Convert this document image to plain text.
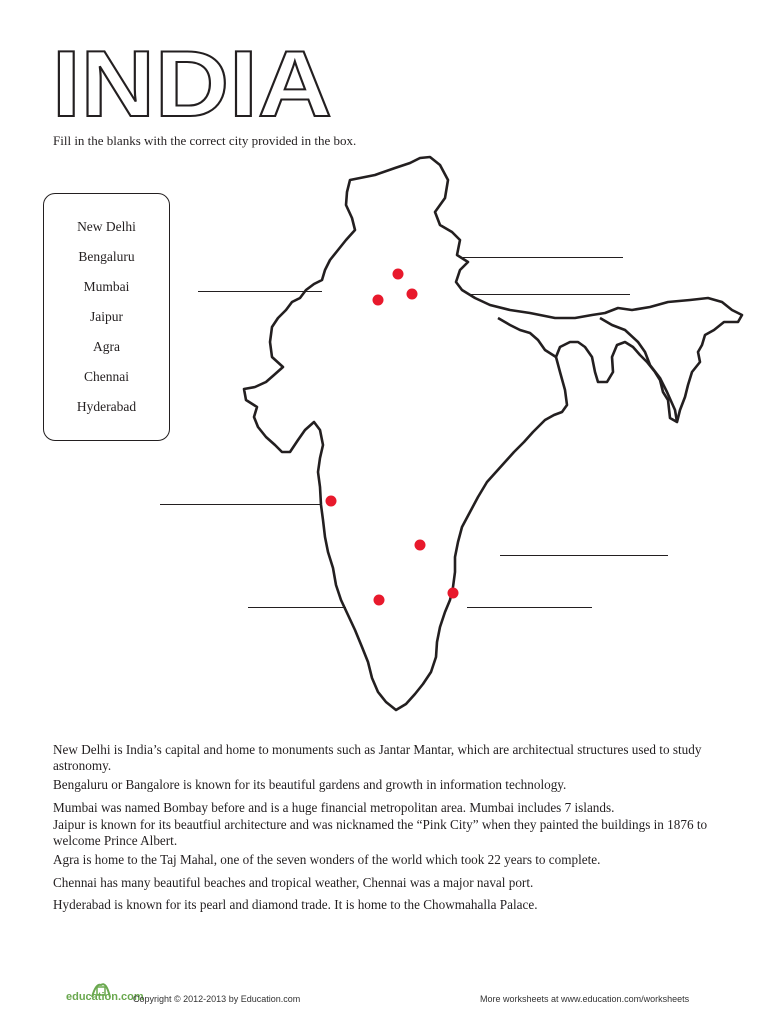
INDIA
Fill in the blanks with the correct city provided in the box.
New Delhi
Bengaluru
Mumbai
Jaipur
Agra
Chennai
Hyderabad

New Delhi is India’s capital and home to monuments such as Jantar Mantar, which are architectual structures used to study astronomy.

Bengaluru or Bangalore is known for its beautiful gardens and growth in information technology.

Mumbai was named Bombay before and is a huge financial metropolitan area. Mumbai includes 7 islands.

Jaipur is known for its beautfiul architecture and was nicknamed the “Pink City” when they painted the buildings in 1876 to welcome Prince Albert.

Agra is home to the Taj Mahal, one of the seven wonders of the world which took 22 years to complete.

Chennai has many beautiful beaches and tropical weather, Chennai was a major naval port.

Hyderabad is known for its pearl and diamond trade. It is home to the Chowmahalla Palace.

education.com
Copyright © 2012-2013 by Education.com	More worksheets at www.education.com/worksheets
